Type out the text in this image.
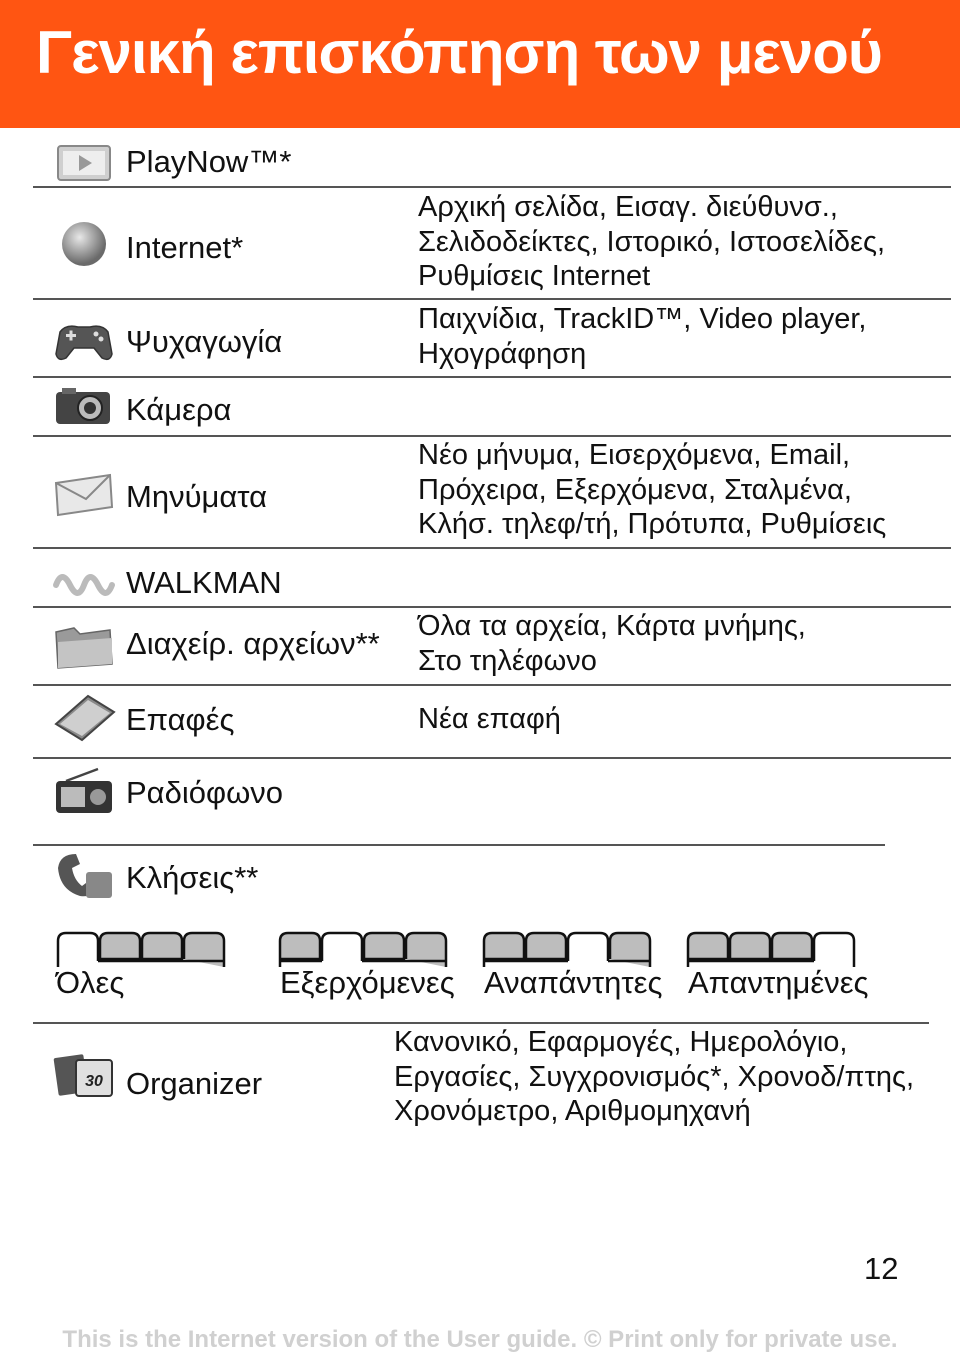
Γενική επισκόπηση των μενού
PlayNow™*
Internet*
Αρχική σελίδα, Εισαγ. διεύθυνσ.,
Σελιδοδείκτες, Ιστορικό, Ιστοσελίδες,
Ρυθμίσεις Internet
Ψυχαγωγία
Παιχνίδια, TrackID™, Video player,
Ηχογράφηση
Κάμερα
Μηνύματα
Νέο μήνυμα, Εισερχόμενα, Email,
Πρόχειρα, Εξερχόμενα, Σταλμένα,
Κλήσ. τηλεφ/τή, Πρότυπα, Ρυθμίσεις
WALKMAN
Διαχείρ. αρχείων** Όλα τα αρχεία, Κάρτα μνήμης,
Στο τηλέφωνο
Επαφές	Νέα επαφή
Ραδιόφωνο
Κλήσεις**
Όλες	Εξερχόμενες Αναπάντητες Απαντημένες
30 Organizer
Κανονικό, Εφαρμογές, Ημερολόγιο,
Εργασίες, Συγχρονισμός*, Χρονοδ/πτης,
Χρονόμετρο, Αριθμομηχανή
12
This is the Internet version of the User guide. © Print only for private use.
